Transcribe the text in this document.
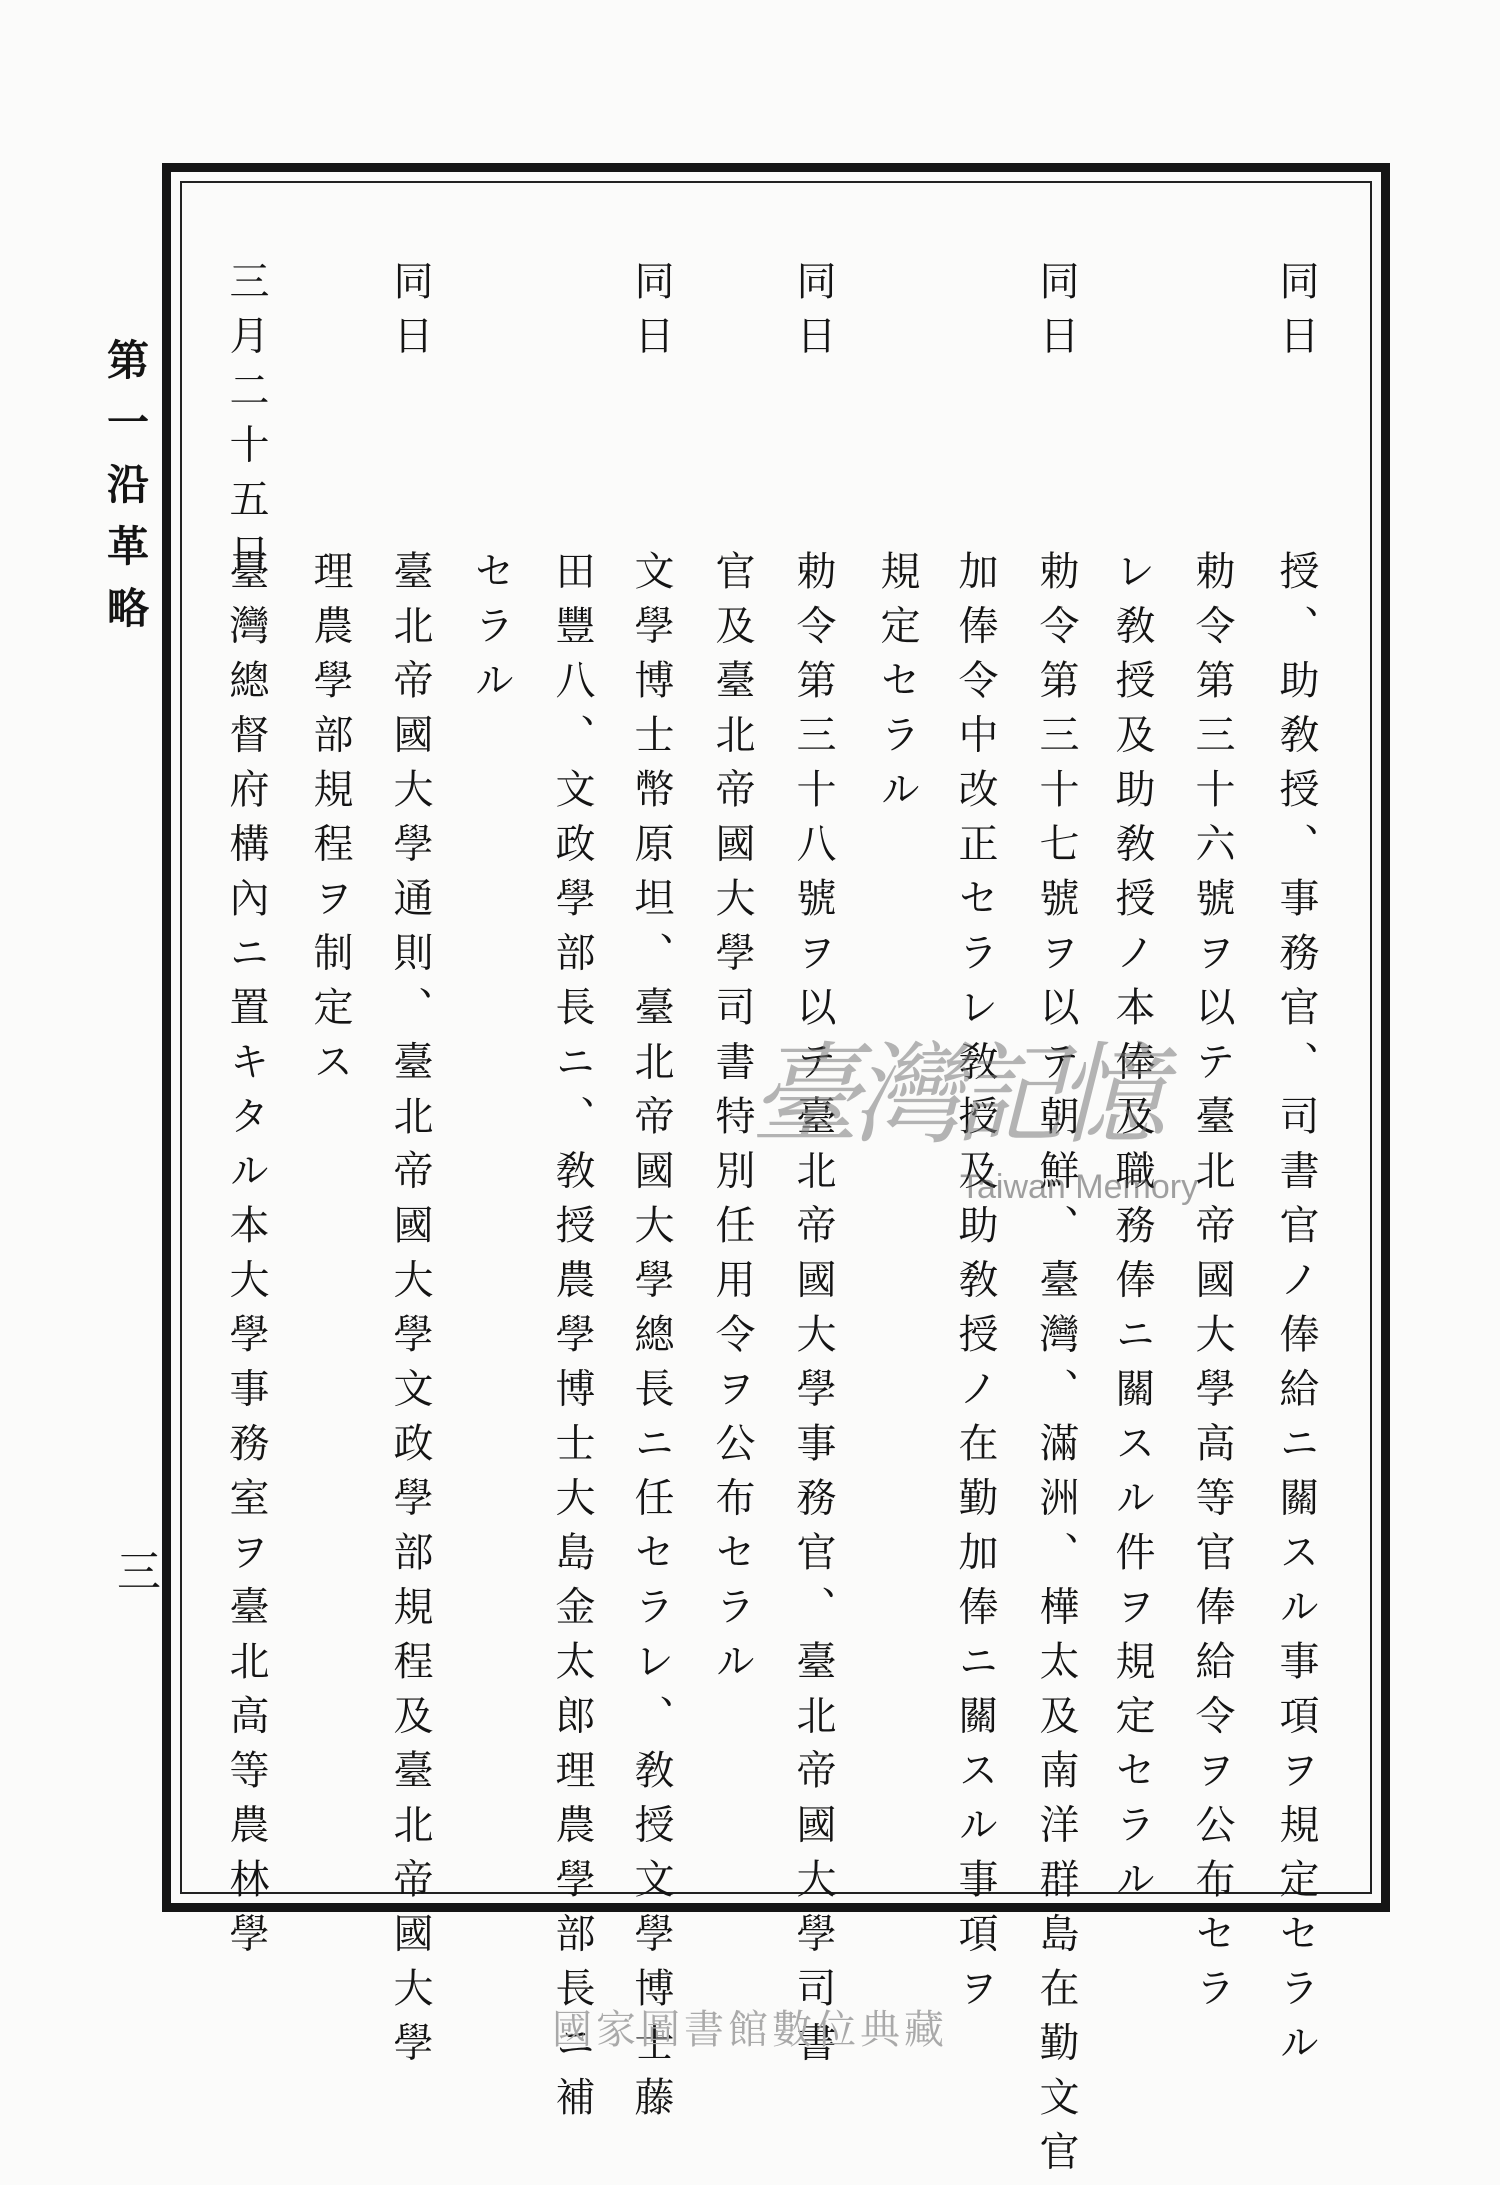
第一沿革略
三
同日
授、助敎授、事務官、司書官ノ俸給ニ關スル事項ヲ規定セラル
勅令第三十六號ヲ以テ臺北帝國大學高等官俸給令ヲ公布セラ
レ敎授及助敎授ノ本俸及職務俸ニ關スル件ヲ規定セラル
同日
勅令第三十七號ヲ以テ朝鮮、臺灣、滿洲、樺太及南洋群島在勤文官
加俸令中改正セラレ敎授及助敎授ノ在勤加俸ニ關スル事項ヲ
規定セラル
同日
勅令第三十八號ヲ以テ臺北帝國大學事務官、臺北帝國大學司書
官及臺北帝國大學司書特別任用令ヲ公布セラル
同日
文學博士幣原坦、臺北帝國大學總長ニ任セラレ、敎授文學博士藤
田豐八、文政學部長ニ、敎授農學博士大島金太郎理農學部長ニ補
セラル
同日
臺北帝國大學通則、臺北帝國大學文政學部規程及臺北帝國大學
理農學部規程ヲ制定ス
三月二十五日
臺灣總督府構內ニ置キタル本大學事務室ヲ臺北高等農林學	臺灣記憶
Taiwan Memory
國家圖書館數位典藏
